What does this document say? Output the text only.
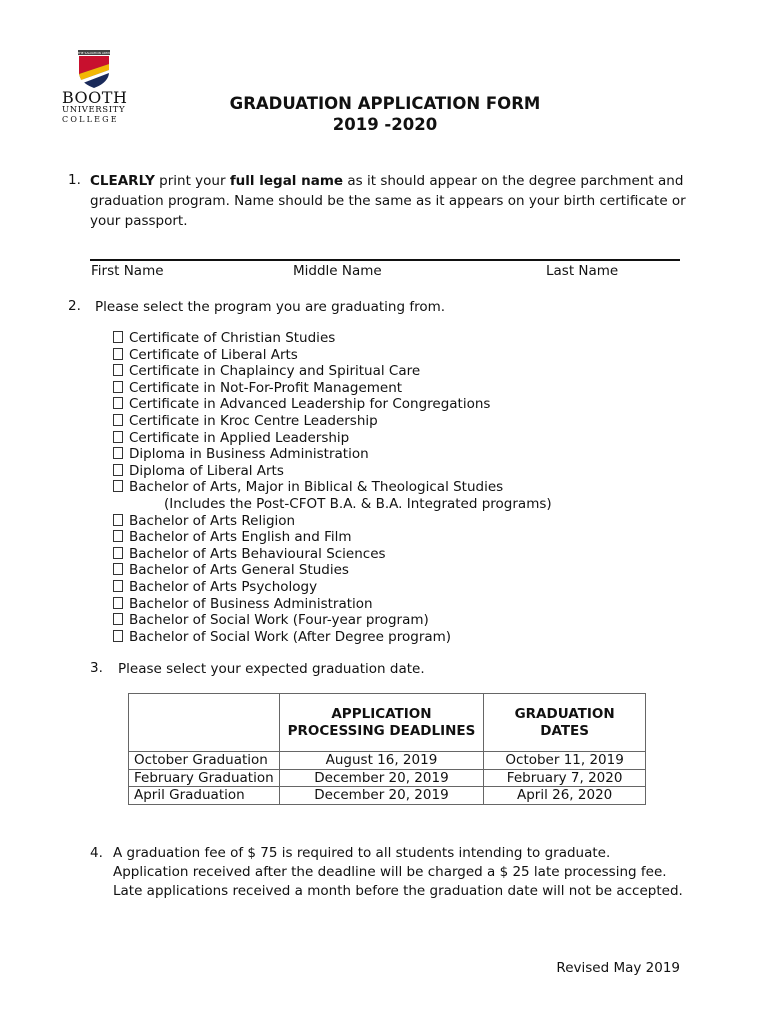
THE SALVATION ARMY
BOOTH
UNIVERSITY
COLLEGE
GRADUATION APPLICATION FORM
2019 -2020
1. CLEARLY print your full legal name as it should appear on the degree parchment and graduation program. Name should be the same as it appears on your birth certificate or your passport.
First Name	Middle Name	Last Name
2. Please select the program you are graduating from.
Certificate of Christian Studies
Certificate of Liberal Arts
Certificate in Chaplaincy and Spiritual Care
Certificate in Not-For-Profit Management
Certificate in Advanced Leadership for Congregations
Certificate in Kroc Centre Leadership
Certificate in Applied Leadership
Diploma in Business Administration
Diploma of Liberal Arts
Bachelor of Arts, Major in Biblical & Theological Studies
(Includes the Post-CFOT B.A. & B.A. Integrated programs)
Bachelor of Arts Religion
Bachelor of Arts English and Film
Bachelor of Arts Behavioural Sciences
Bachelor of Arts General Studies
Bachelor of Arts Psychology
Bachelor of Business Administration
Bachelor of Social Work (Four-year program)
Bachelor of Social Work (After Degree program)
3. Please select your expected graduation date.
	APPLICATION PROCESSING DEADLINES	GRADUATION DATES
October Graduation	August 16, 2019	October 11, 2019
February Graduation	December 20, 2019	February 7, 2020
April Graduation	December 20, 2019	April 26, 2020
4. A graduation fee of $ 75 is required to all students intending to graduate. Application received after the deadline will be charged a $ 25 late processing fee. Late applications received a month before the graduation date will not be accepted.
Revised May 2019
